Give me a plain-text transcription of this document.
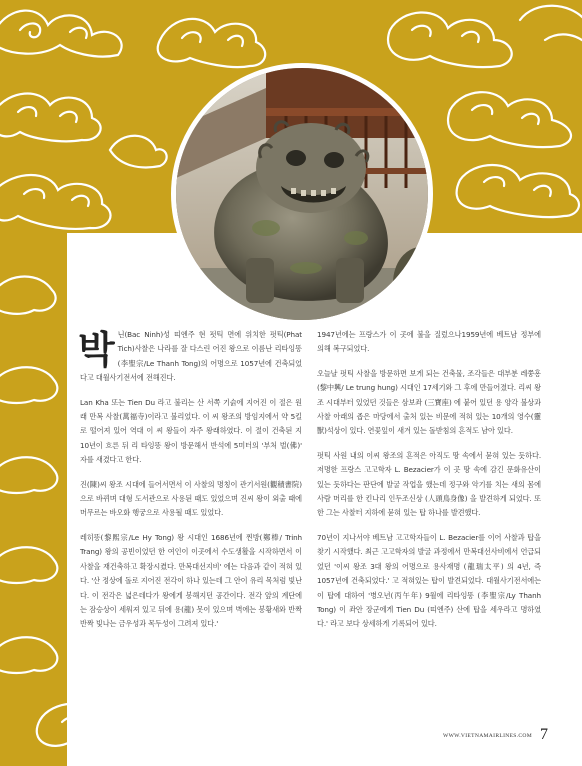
박닌(Bac Ninh)성 띠엔주 현 펏틱 면에 위치한 펏틱(Phat Tich)사찰은 나라를 잘 다스린 어진 왕으로 이름난 리타잉똥(李聖宗/Le Thanh Tong)의 어명으로 1057년에 건축되었다고 대월사기전서에 전해진다.

Lan Kha 또는 Tien Du 라고 불리는 산 서쪽 기슭에 지어진 이 절은 원래 만복 사찰(萬福寺)이라고 불리었다. 이 씨 왕조의 방임지에서 약 5킬로 떨어져 있어 역대 이 씨 왕들이 자주 왕래하였다. 이 절이 건축된 지 10년이 흐른 뒤 리 타잉똥 왕이 방문해서 반석에 5미터의 '부처 벌(佛)' 자를 새겼다고 한다.

진(陳)씨 왕조 시대에 들어서면서 이 사찰의 명칭이 관기서원(觀積書院)으로 바뀌며 대형 도서관으로 사용된 때도 있었으며 진씨 왕이 외출 때에 머무르는 바오화 행궁으로 사용될 때도 있었다.

레히똥(黎熙宗/Le Hy Tong) 왕 시대인 1686년에 찐방(鄭棒/ Trinh Trang) 왕의 공빈이었던 한 여인이 이곳에서 수도생활을 시작하면서 이 사찰을 재건축하고 확장시켰다. 만복대선지비' 에는 다음과 같이 적혀 있다. '산 정상에 돌로 지어진 전각이 하나 있는데 그 안이 유리 목처럼 빛난다. 이 전각은 넓은데다가 왕에게 봉해지던 공간이다. 전각 앞의 계단에는 잠승상이 세워져 있고 뒤에 용(龍) 못이 있으며 벽에는 봉황새와 반짝 반짝 빛나는 금우성과 목두성이 그려져 있다.'

1947년에는 프랑스가 이 곳에 불을 질렀으나1959년에 베트남 정부에 의해 복구되었다.

오늘날 펏틱 사찰을 방문하면 보게 되는 건축물, 조각들은 대부분 레쭝흥(黎中興/ Le trung hung) 시대인 17세기와 그 후에 만들어졌다. 리씨 왕조 시대부터 있었던 것들은 삼보좌 (三寶座) 에 붙어 있던 용 양각 불상과 사찰 아래의 좁은 마당에서 출처 있는 비문에 적혀 있는 10개의 영수(靈獸)석상이 있다. 연꽃잎이 새겨 있는 돌받침의 흔적도 남아 있다.

펏틱 사원 내의 이씨 왕조의 흔적은 아직도 땅 속에서 묻혀 있는 듯하다. 저명한 프랑스 고고학자 L. Bezacier가 이 곳 땅 속에 감긴 문화유산이 있는 듯하다는 판단에 발굴 작업을 했는데 정구와 악기를 치는 새의 몸에 사람 머리를 한 킨나리 인두조신상 (人頭鳥身像) 을 발견하게 되었다. 또한 그는 사찰터 지하에 묻혀 있는 탑 하나를 발견했다.

70년이 지나서야 베트남 고고학자들이 L. Bezacier를 이어 사찰과 탑을 찾기 시작했다. 최근 고고학자의 발굴 과정에서 만복대선사비에서 언급되었던 '이씨 왕조 3대 왕의 어명으로 용사재명 (龍瑞太平) 의 4년, 즉 1057년에 건축되었다.' 고 적혀있는 탑이 발견되었다. 대월사기전서에는 이 탑에 대하여 '병오년(丙午年) 9월에 리타잉똥 (李聖宗/Ly Thanh Tong) 이 좌안 장군에게 Tien Du (띠엔주) 산에 탑을 세우라고 명하였다.' 라고 보다 상세하게 기록되어 있다.

WWW.VIETNAMAIRLINES.COM 7
